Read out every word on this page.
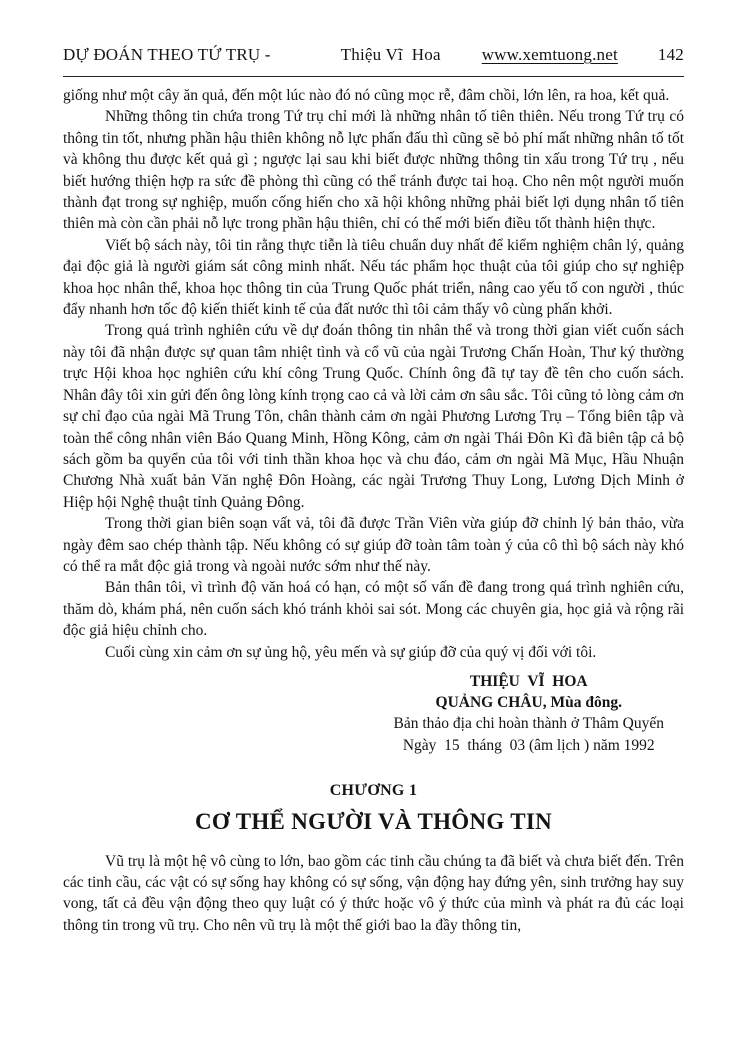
DỰ ĐOÁN THEO TỨ TRỤ -	Thiệu Vĩ  Hoa www.xemtuong.net 142

giống như một cây ăn quả, đến một lúc nào đó nó cũng mọc rễ, đâm chồi, lớn lên, ra hoa, kết quả.

Những thông tin chứa trong Tứ trụ chỉ mới là những nhân tố tiên thiên. Nếu trong Tứ trụ có thông tin tốt, nhưng phần hậu thiên không nỗ lực phấn đấu thì cũng sẽ bỏ phí mất những nhân tố tốt và không thu được kết quả gì ; ngược lại sau khi biết được những thông tin xấu trong Tứ trụ , nếu biết hướng thiện hợp ra sức đề phòng thì cũng có thể tránh được tai hoạ. Cho nên một người muốn thành đạt trong sự nghiệp, muốn cống hiến cho xã hội không những phải biết lợi dụng nhân tố tiên thiên mà còn cần phải nỗ lực trong phần hậu thiên, chỉ có thế mới biến điều tốt thành hiện thực.

Viết bộ sách này, tôi tin rằng thực tiễn là tiêu chuẩn duy nhất để kiểm nghiệm chân lý, quảng đại độc giả là người giám sát công minh nhất. Nếu tác phẩm học thuật của tôi giúp cho sự nghiệp khoa học nhân thể, khoa học thông tin của Trung Quốc phát triển, nâng cao yếu tố con người , thúc đẩy nhanh hơn tốc độ kiến thiết kinh tế của đất nước thì tôi cảm thấy vô cùng phấn khởi.

Trong quá trình nghiên cứu về dự đoán thông tin nhân thể và trong thời gian viết cuốn sách này tôi đã nhận được sự quan tâm nhiệt tình và cổ vũ của ngài Trương Chấn Hoàn, Thư ký thường trực Hội khoa học nghiên cứu khí công Trung Quốc. Chính ông đã tự tay đề tên cho cuốn sách. Nhân đây tôi xin gửi đến ông lòng kính trọng cao cả và lời cảm ơn sâu sắc. Tôi cũng tỏ lòng cảm ơn sự chỉ đạo của ngài Mã Trung Tôn, chân thành cảm ơn ngài Phương Lương Trụ – Tổng biên tập và toàn thể công nhân viên Báo Quang Minh, Hồng Kông, cảm ơn ngài Thái Đôn Kì đã biên tập cả bộ sách gồm ba quyển của tôi với tinh thần khoa học và chu đáo, cảm ơn ngài Mã Mục, Hầu Nhuận Chương Nhà xuất bản Văn nghệ Đôn Hoàng, các ngài Trương Thuy Long, Lương Dịch Minh ở Hiệp hội Nghệ thuật tỉnh Quảng Đông.

Trong thời gian biên soạn vất vả, tôi đã được Trần Viên vừa giúp đỡ chỉnh lý bản thảo, vừa ngày đêm sao chép thành tập. Nếu không có sự giúp đỡ toàn tâm toàn ý của cô thì bộ sách này khó có thể ra mắt độc giả trong và ngoài nước sớm như thế này.

Bản thân tôi, vì trình độ văn hoá có hạn, có một số vấn đề đang trong quá trình nghiên cứu, thăm dò, khám phá, nên cuốn sách khó tránh khỏi sai sót. Mong các chuyên gia, học giả và rộng rãi độc giả hiệu chỉnh cho.

Cuối cùng xin cảm ơn sự ủng hộ, yêu mến và sự giúp đỡ của quý vị đối với tôi.

THIỆU  VĨ  HOA
QUẢNG CHÂU, Mùa đông.
Bản thảo địa chi hoàn thành ở Thâm Quyến
Ngày  15  tháng  03 (âm lịch ) năm 1992
CHƯƠNG 1
CƠ THỂ NGƯỜI VÀ THÔNG TIN

Vũ trụ là một hệ vô cùng to lớn, bao gồm các tinh cầu chúng ta đã biết và chưa biết đến. Trên các tinh cầu, các vật có sự sống hay không có sự sống, vận động hay đứng yên, sinh trưởng hay suy vong, tất cả đều vận động theo quy luật có ý thức hoặc vô ý thức của mình và phát ra đủ các loại thông tin trong vũ trụ. Cho nên vũ trụ là một thế giới bao la đầy thông tin,
